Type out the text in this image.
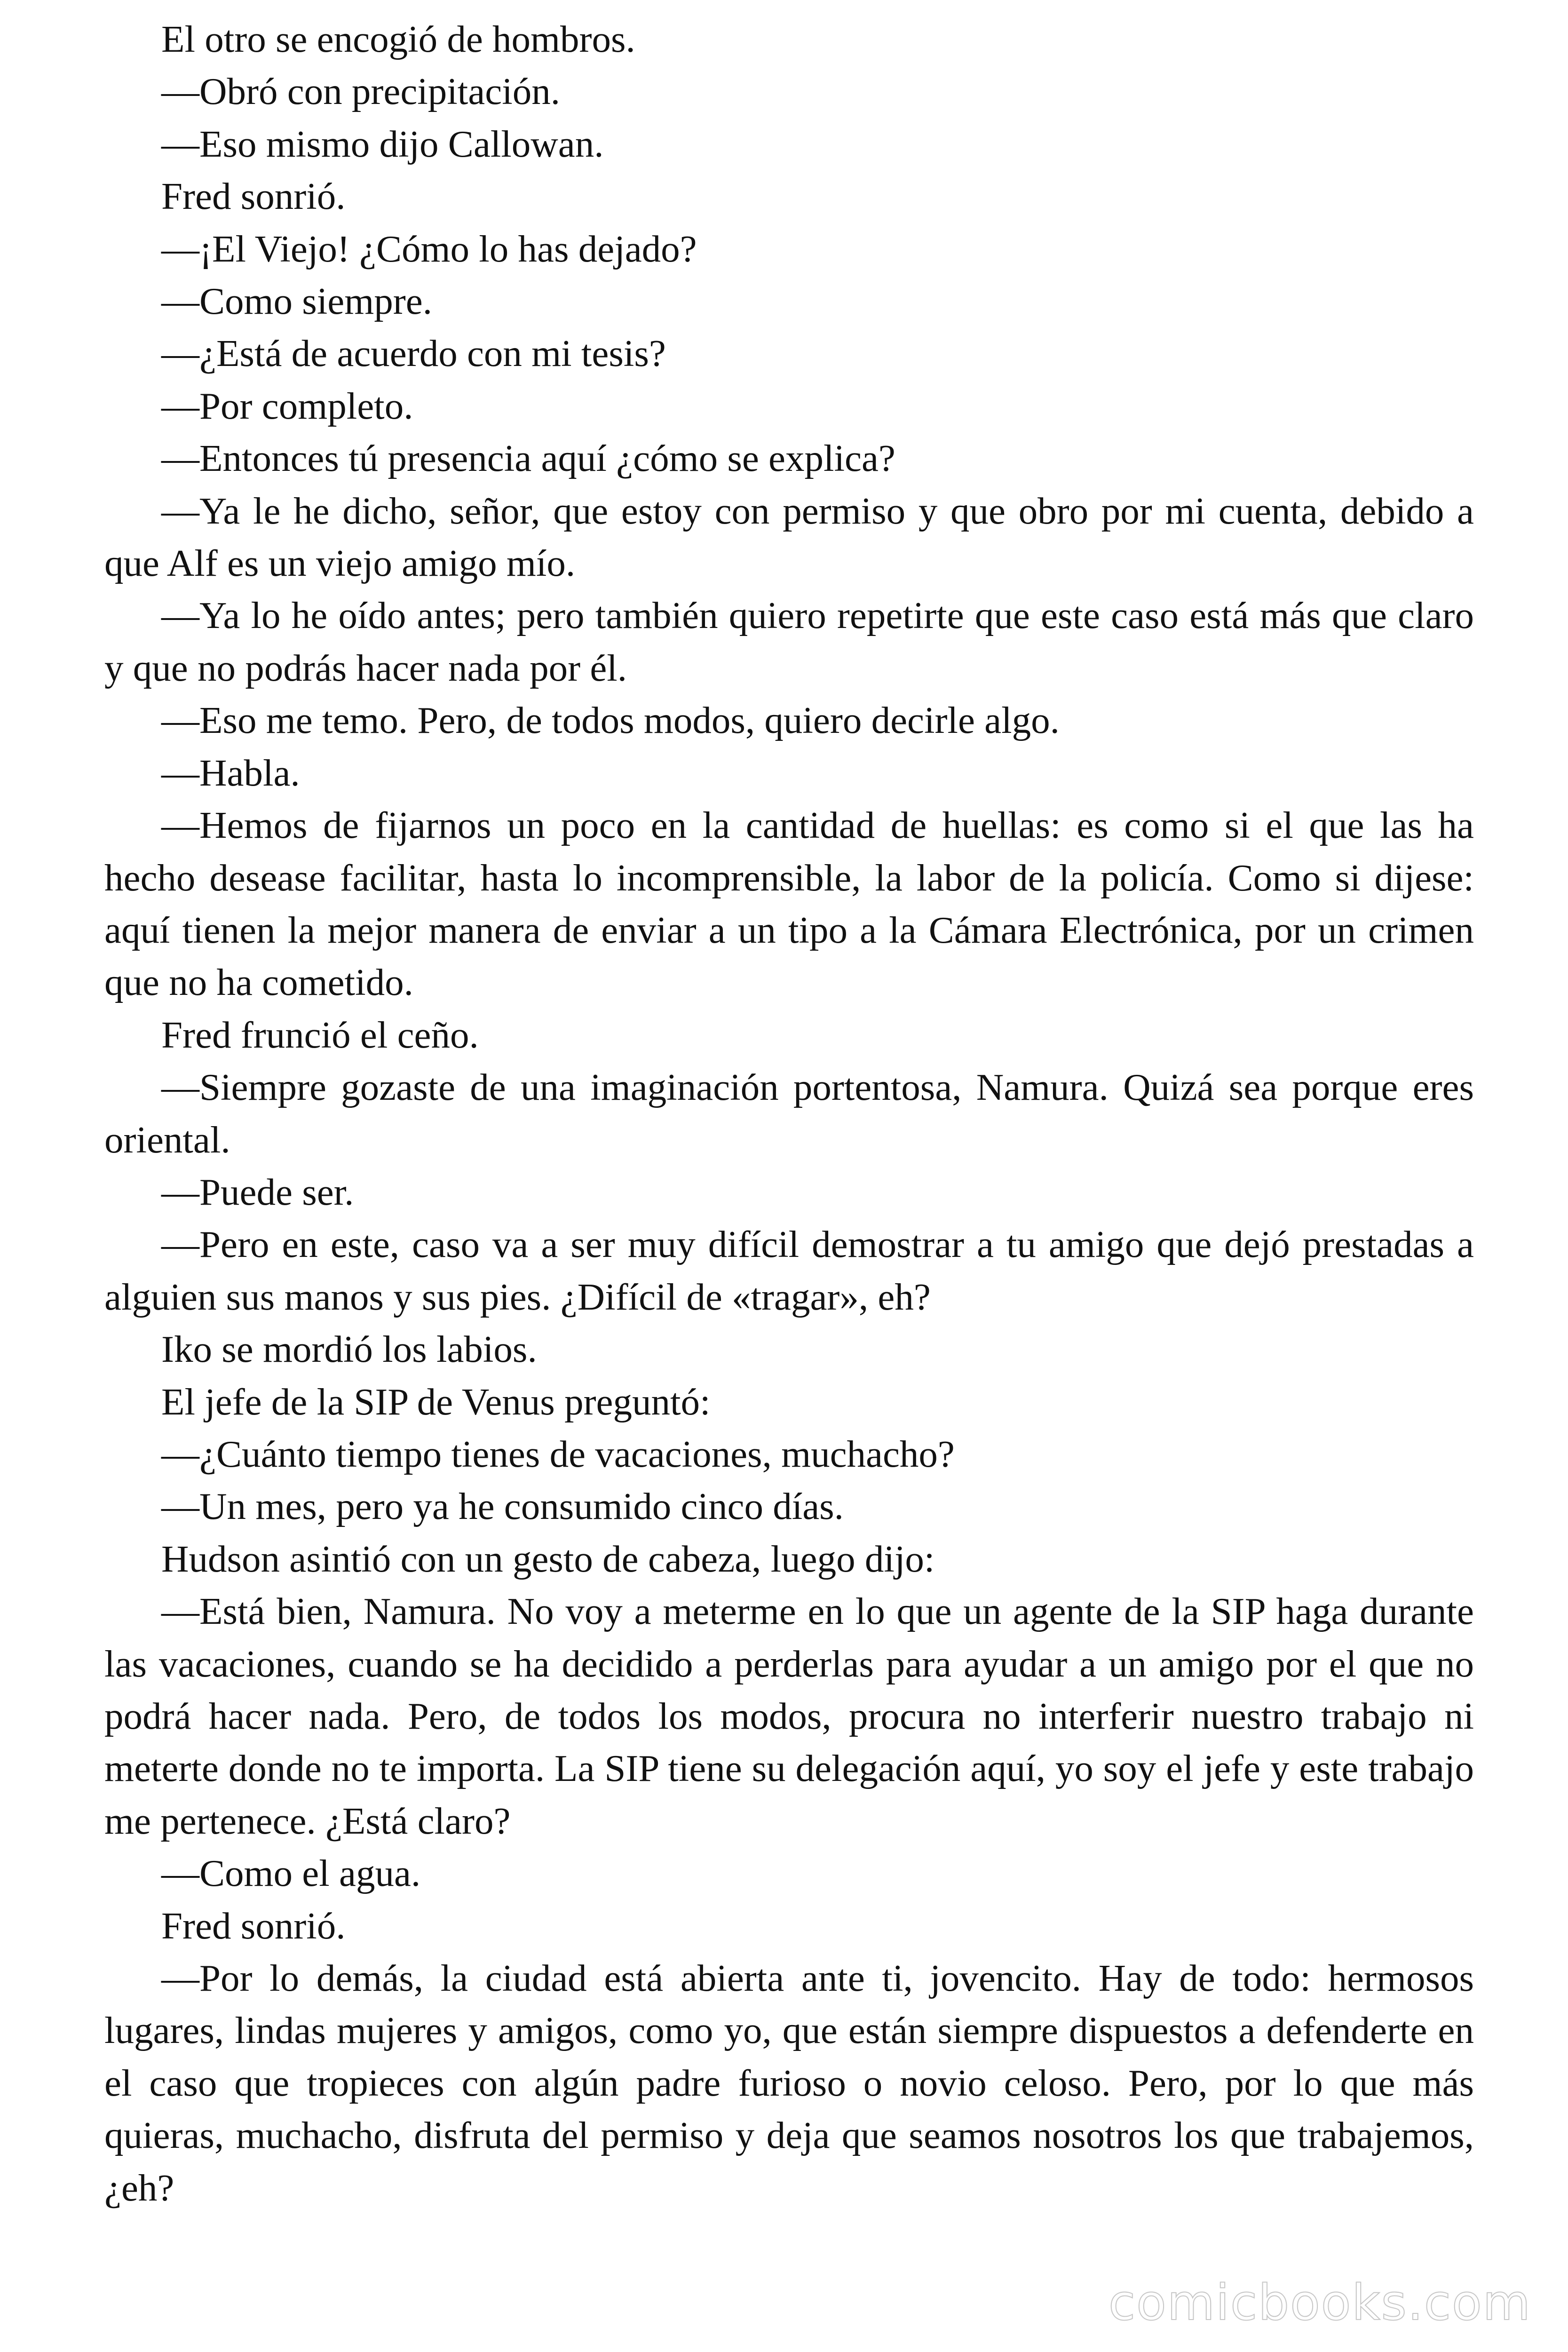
El otro se encogió de hombros.

—Obró con precipitación.

—Eso mismo dijo Callowan.

Fred sonrió.

—¡El Viejo! ¿Cómo lo has dejado?

—Como siempre.

—¿Está de acuerdo con mi tesis?

—Por completo.

—Entonces tú presencia aquí ¿cómo se explica?

—Ya le he dicho, señor, que estoy con permiso y que obro por mi cuenta, debido a que Alf es un viejo amigo mío.

—Ya lo he oído antes; pero también quiero repetirte que este caso está más que claro y que no podrás hacer nada por él.

—Eso me temo. Pero, de todos modos, quiero decirle algo.

—Habla.

—Hemos de fijarnos un poco en la cantidad de huellas: es como si el que las ha hecho desease facilitar, hasta lo incomprensible, la labor de la policía. Como si dijese: aquí tienen la mejor manera de enviar a un tipo a la Cámara Electrónica, por un crimen que no ha cometido.

Fred frunció el ceño.

—Siempre gozaste de una imaginación portentosa, Namura. Quizá sea porque eres oriental.

—Puede ser.

—Pero en este, caso va a ser muy difícil demostrar a tu amigo que dejó prestadas a alguien sus manos y sus pies. ¿Difícil de «tragar», eh?

Iko se mordió los labios.

El jefe de la SIP de Venus preguntó:

—¿Cuánto tiempo tienes de vacaciones, muchacho?

—Un mes, pero ya he consumido cinco días.

Hudson asintió con un gesto de cabeza, luego dijo:

—Está bien, Namura. No voy a meterme en lo que un agente de la SIP haga durante las vacaciones, cuando se ha decidido a perderlas para ayudar a un amigo por el que no podrá hacer nada. Pero, de todos los modos, procura no interferir nuestro trabajo ni meterte donde no te importa. La SIP tiene su delegación aquí, yo soy el jefe y este trabajo me pertenece. ¿Está claro?

—Como el agua.

Fred sonrió.

—Por lo demás, la ciudad está abierta ante ti, jovencito. Hay de todo: hermosos lugares, lindas mujeres y amigos, como yo, que están siempre dispuestos a defenderte en el caso que tropieces con algún padre furioso o novio celoso. Pero, por lo que más quieras, muchacho, disfruta del permiso y deja que seamos nosotros los que trabajemos, ¿eh?

comicbooks.com
